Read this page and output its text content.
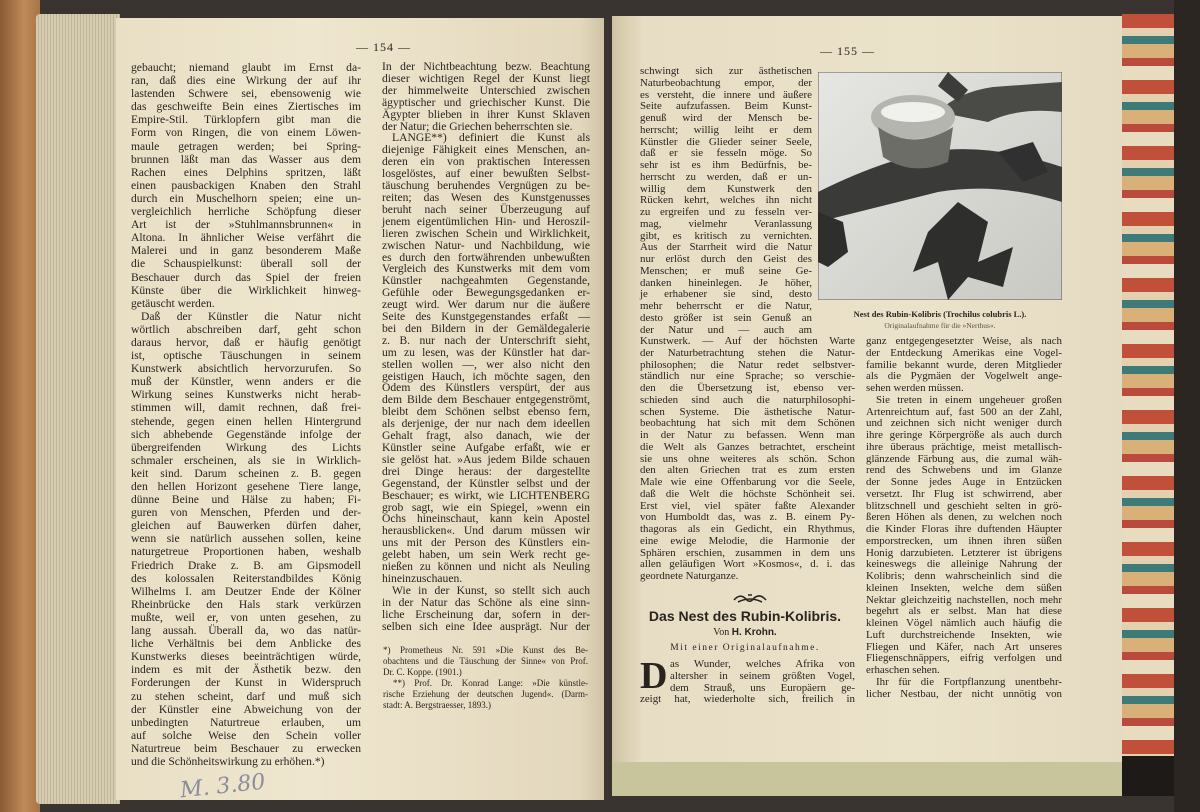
— 154 —	— 155 —
gebaucht; niemand glaubt im Ernst da-
ran, daß dies eine Wirkung der auf ihr
lastenden Schwere sei, ebensowenig wie
das geschweifte Bein eines Ziertisches im
Empire-Stil. Türklopfern gibt man die
Form von Ringen, die von einem Löwen-
maule getragen werden; bei Spring-
brunnen läßt man das Wasser aus dem
Rachen eines Delphins spritzen, läßt
einen pausbackigen Knaben den Strahl
durch ein Muschelhorn speien; eine un-
vergleichlich herrliche Schöpfung dieser
Art ist der »Stuhlmannsbrunnen« in
Altona. In ähnlicher Weise verfährt die
Malerei und in ganz besonderem Maße
die Schauspielkunst: überall soll der
Beschauer durch das Spiel der freien
Künste über die Wirklichkeit hinweg-
getäuscht werden.
Daß der Künstler die Natur nicht
wörtlich abschreiben darf, geht schon
daraus hervor, daß er häufig genötigt
ist, optische Täuschungen in seinem
Kunstwerk absichtlich hervorzurufen. So
muß der Künstler, wenn anders er die
Wirkung seines Kunstwerks nicht herab-
stimmen will, damit rechnen, daß frei-
stehende, gegen einen hellen Hintergrund
sich abhebende Gegenstände infolge der
übergreifenden Wirkung des Lichts
schmaler erscheinen, als sie in Wirklich-
keit sind. Darum scheinen z. B. gegen
den hellen Horizont gesehene Tiere lange,
dünne Beine und Hälse zu haben; Fi-
guren von Menschen, Pferden und der-
gleichen auf Bauwerken dürfen daher,
wenn sie natürlich aussehen sollen, keine
naturgetreue Proportionen haben, weshalb
Friedrich Drake z. B. am Gipsmodell
des kolossalen Reiterstandbildes König
Wilhelms I. am Deutzer Ende der Kölner
Rheinbrücke den Hals stark verkürzen
mußte, weil er, von unten gesehen, zu
lang aussah. Überall da, wo das natür-
liche Verhältnis bei dem Anblicke des
Kunstwerks dieses beeinträchtigen würde,
indem es mit der Ästhetik bezw. den
Forderungen der Kunst in Widerspruch
zu stehen scheint, darf und muß sich
der Künstler eine Abweichung von der
unbedingten Naturtreue erlauben, um
auf solche Weise den Schein voller
Naturtreue beim Beschauer zu erwecken
und die Schönheitswirkung zu erhöhen.*)
In der Nichtbeachtung bezw. Beachtung
dieser wichtigen Regel der Kunst liegt
der himmelweite Unterschied zwischen
ägyptischer und griechischer Kunst. Die
Ägypter blieben in ihrer Kunst Sklaven
der Natur; die Griechen beherrschten sie.
LANGE**) definiert die Kunst als
diejenige Fähigkeit eines Menschen, an-
deren ein von praktischen Interessen
losgelöstes, auf einer bewußten Selbst-
täuschung beruhendes Vergnügen zu be-
reiten; das Wesen des Kunstgenusses
beruht nach seiner Überzeugung auf
jenem eigentümlichen Hin- und Heroszil-
lieren zwischen Schein und Wirklichkeit,
zwischen Natur- und Nachbildung, wie
es durch den fortwährenden unbewußten
Vergleich des Kunstwerks mit dem vom
Künstler nachgeahmten Gegenstande,
Gefühle oder Bewegungsgedanken er-
zeugt wird. Wer darum nur die äußere
Seite des Kunstgegenstandes erfaßt —
bei den Bildern in der Gemäldegalerie
z. B. nur nach der Unterschrift sieht,
um zu lesen, was der Künstler hat dar-
stellen wollen —, wer also nicht den
geistigen Hauch, ich möchte sagen, den
Odem des Künstlers verspürt, der aus
dem Bilde dem Beschauer entgegenströmt,
bleibt dem Schönen selbst ebenso fern,
als derjenige, der nur nach dem ideellen
Gehalt fragt, also danach, wie der
Künstler seine Aufgabe erfaßt, wie er
sie gelöst hat. »Aus jedem Bilde schauen
drei Dinge heraus: der dargestellte
Gegenstand, der Künstler selbst und der
Beschauer; es wirkt, wie LICHTENBERG
grob sagt, wie ein Spiegel, »wenn ein
Ochs hineinschaut, kann kein Apostel
herausblicken«. Und darum müssen wir
uns mit der Person des Künstlers ein-
gelebt haben, um sein Werk recht ge-
nießen zu können und nicht als Neuling
hineinzuschauen.
Wie in der Kunst, so stellt sich auch
in der Natur das Schöne als eine sinn-
liche Erscheinung dar, sofern in der-
selben sich eine Idee ausprägt. Nur der
*) Prometheus Nr. 591 »Die Kunst des Be-
obachtens und die Täuschung der Sinne« von Prof.
Dr. C. Koppe. (1901.)
**) Prof. Dr. Konrad Lange: »Die künstle-
rische Erziehung der deutschen Jugend«. (Darm-
stadt: A. Bergstraesser, 1893.)
M. 3.80
schwingt sich zur ästhetischen
Naturbeobachtung empor, der
es versteht, die innere und äußere
Seite aufzufassen. Beim Kunst-
genuß wird der Mensch be-
herrscht; willig leiht er dem
Künstler die Glieder seiner Seele,
daß er sie fesseln möge. So
sehr ist es ihm Bedürfnis, be-
herrscht zu werden, daß er un-
willig dem Kunstwerk den
Rücken kehrt, welches ihn nicht
zu ergreifen und zu fesseln ver-
mag, vielmehr Veranlassung
gibt, es kritisch zu vernichten.
Aus der Starrheit wird die Natur
nur erlöst durch den Geist des
Menschen; er muß seine Ge-
danken hineinlegen. Je höher,
je erhabener sie sind, desto
mehr beherrscht er die Natur,
desto größer ist sein Genuß an
der Natur und — auch am
Kunstwerk. — Auf der höchsten Warte
der Naturbetrachtung stehen die Natur-
philosophen; die Natur redet selbstver-
ständlich nur eine Sprache; so verschie-
den die Übersetzung ist, ebenso ver-
schieden sind auch die naturphilosophi-
schen Systeme. Die ästhetische Natur-
beobachtung hat sich mit dem Schönen
in der Natur zu befassen. Wenn man
die Welt als Ganzes betrachtet, erscheint
sie uns ohne weiteres als schön. Schon
den alten Griechen trat es zum ersten
Male wie eine Offenbarung vor die Seele,
daß die Welt die höchste Schönheit sei.
Erst viel, viel später faßte Alexander
von Humboldt das, was z. B. einem Py-
thagoras als ein Gedicht, ein Rhythmus,
eine ewige Melodie, die Harmonie der
Sphären erschien, zusammen in dem uns
allen geläufigen Wort »Kosmos«, d. i. das
geordnete Naturganze.
ganz entgegengesetzter Weise, als nach
der Entdeckung Amerikas eine Vogel-
familie bekannt wurde, deren Mitglieder
als die Pygmäen der Vogelwelt ange-
sehen werden müssen.
Sie treten in einem ungeheuer großen
Artenreichtum auf, fast 500 an der Zahl,
und zeichnen sich nicht weniger durch
ihre geringe Körpergröße als auch durch
ihre überaus prächtige, meist metallisch-
glänzende Färbung aus, die zumal wäh-
rend des Schwebens und im Glanze
der Sonne jedes Auge in Entzücken
versetzt. Ihr Flug ist schwirrend, aber
blitzschnell und geschieht selten in grö-
ßeren Höhen als denen, zu welchen noch
die Kinder Floras ihre duftenden Häupter
emporstrecken, um ihnen ihren süßen
Honig darzubieten. Letzterer ist übrigens
keineswegs die alleinige Nahrung der
Kolibris; denn wahrscheinlich sind die
kleinen Insekten, welche dem süßen
Nektar gleichzeitig nachstellen, noch mehr
begehrt als er selbst. Man hat diese
kleinen Vögel nämlich auch häufig die
Luft durchstreichende Insekten, wie
Fliegen und Käfer, nach Art unseres
Fliegenschnäppers, eifrig verfolgen und
erhaschen sehen.
Ihr für die Fortpflanzung unentbehr-
licher Nestbau, der nicht unnötig von
Nest des Rubin-Kolibris (Trochilus colubris L.).
Originalaufnahme für die »Nerthus«.
Das Nest des Rubin-Kolibris.
Von H. Krohn.
Mit einer Originalaufnahme.
D as Wunder, welches Afrika von
altersher in seinem größten Vogel,
dem Strauß, uns Europäern ge-
zeigt hat, wiederholte sich, freilich in
